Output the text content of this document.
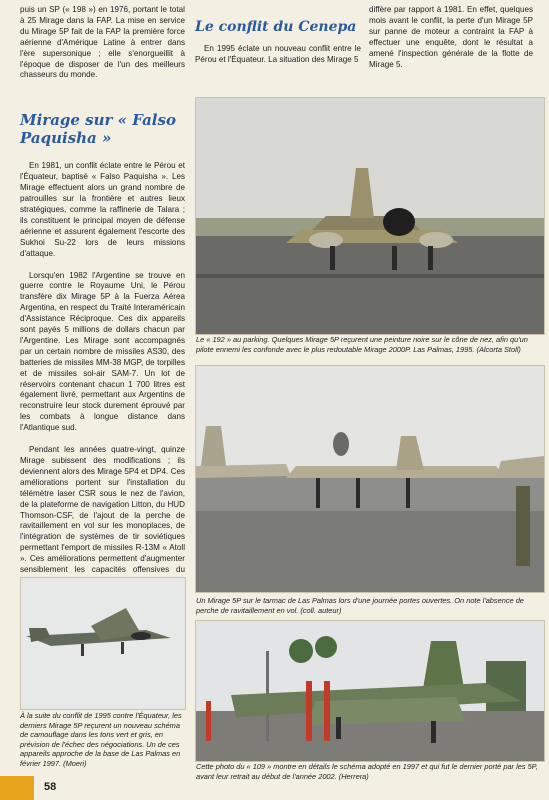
puis un SP (« 198 ») en 1976, portant le total à 25 Mirage dans la FAP. La mise en service du Mirage 5P fait de la FAP la première force aérienne d'Amérique Latine à entrer dans l'ère supersonique ; elle s'enorgueillit à l'époque de disposer de l'un des meilleurs chasseurs du monde.

Mirage sur « Falso Paquisha »

En 1981, un conflit éclate entre le Pérou et l'Équateur, baptisé « Falso Paquisha ». Les Mirage effectuent alors un grand nombre de patrouilles sur la frontière et autres lieux stratégiques, comme la raffinerie de Talara ; ils constituent le principal moyen de défense aérienne et assurent également l'escorte des Sukhoi Su-22 lors de leurs missions d'attaque.

Lorsqu'en 1982 l'Argentine se trouve en guerre contre le Royaume Uni, le Pérou transfère dix Mirage 5P à la Fuerza Aérea Argentina, en respect du Traité Interaméricain d'Assistance Réciproque. Ces dix appareils sont payés 5 millions de dollars chacun par l'Argentine. Les Mirage sont accompagnés par un certain nombre de missiles AS30, des batteries de missiles MM-38 MGP, de torpilles et de missiles sol-air SAM-7. Un lot de réservoirs contenant chacun 1 700 litres est également livré, permettant aux Argentins de reconstruire leur stock durement éprouvé par les combats à longue distance dans l'Atlantique sud.

Pendant les années quatre-vingt, quinze Mirage subissent des modifications ; ils deviennent alors des Mirage 5P4 et DP4. Ces améliorations portent sur l'installation du télémètre laser CSR sous le nez de l'avion, de la plateforme de navigation Litton, du HUD Thomson-CSF, de l'ajout de la perche de ravitaillement en vol sur les monoplaces, de l'intégration de systèmes de tir soviétiques permettant l'emport de missiles R-13M « Atoll ». Ces améliorations permettent d'augmenter sensiblement les capacités offensives du

Le conflit du Cenepa

En 1995 éclate un nouveau conflit entre le Pérou et l'Équateur. La situation des Mirage 5

diffère par rapport à 1981. En effet, quelques mois avant le conflit, la perte d'un Mirage 5P sur panne de moteur a contraint la FAP à effectuer une enquête, dont le résultat a amené l'inspection générale de la flotte de Mirage 5.

Le « 192 » au parking. Quelques Mirage 5P reçurent une peinture noire sur le cône de nez, afin qu'un pilote ennemi les confonde avec le plus redoutable Mirage 2000P. Las Palmas, 1995. (Alcorta Stoll)

Un Mirage 5P sur le tarmac de Las Palmas lors d'une journée portes ouvertes. On note l'absence de perche de ravitaillement en vol. (coll. auteur)

Cette photo du « 109 » montre en détails le schéma adopté en 1997 et qui fut le dernier porté par les 5P, avant leur retrait au début de l'année 2002. (Herrera)

À la suite du conflit de 1995 contre l'Équateur, les derniers Mirage 5P reçurent un nouveau schéma de camouflage dans les tons vert et gris, en prévision de l'échec des négociations. Un de ces appareils approche de la base de Las Palmas en février 1997. (Moeri)

58
